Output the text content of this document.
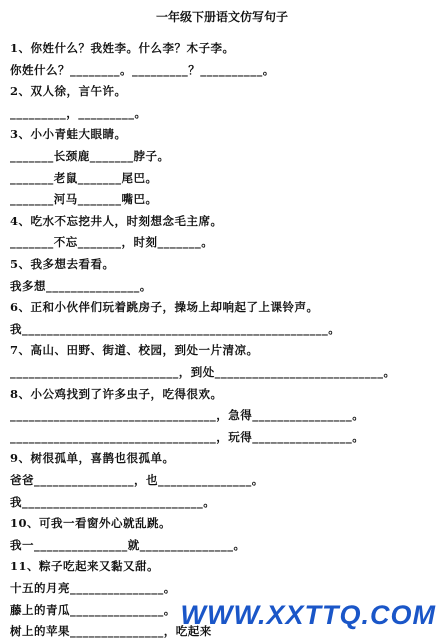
一年级下册语文仿写句子
1、你姓什么？我姓李。什么李？木子李。
你姓什么？________。_________？__________。
2、双人徐，言午许。
_________，_________。
3、小小青蛙大眼睛。
_______长颈鹿_______脖子。
_______老鼠_______尾巴。
_______河马_______嘴巴。
4、吃水不忘挖井人，时刻想念毛主席。
_______不忘_______，时刻_______。
5、我多想去看看。
我多想_______________。
6、正和小伙伴们玩着跳房子，操场上却响起了上课铃声。
我_________________________________________________。
7、高山、田野、街道、校园，到处一片清凉。
___________________________，到处___________________________。
8、小公鸡找到了许多虫子，吃得很欢。
_________________________________，急得________________。
_________________________________，玩得________________。
9、树很孤单，喜鹊也很孤单。
爸爸________________，也_______________。
我_____________________________。
10、可我一看窗外心就乱跳。
我一_______________就_______________。
11、粽子吃起来又黏又甜。
十五的月亮_______________。
藤上的青瓜_______________。
树上的苹果_______________，吃起来
WWW.XXTTQ.COM
